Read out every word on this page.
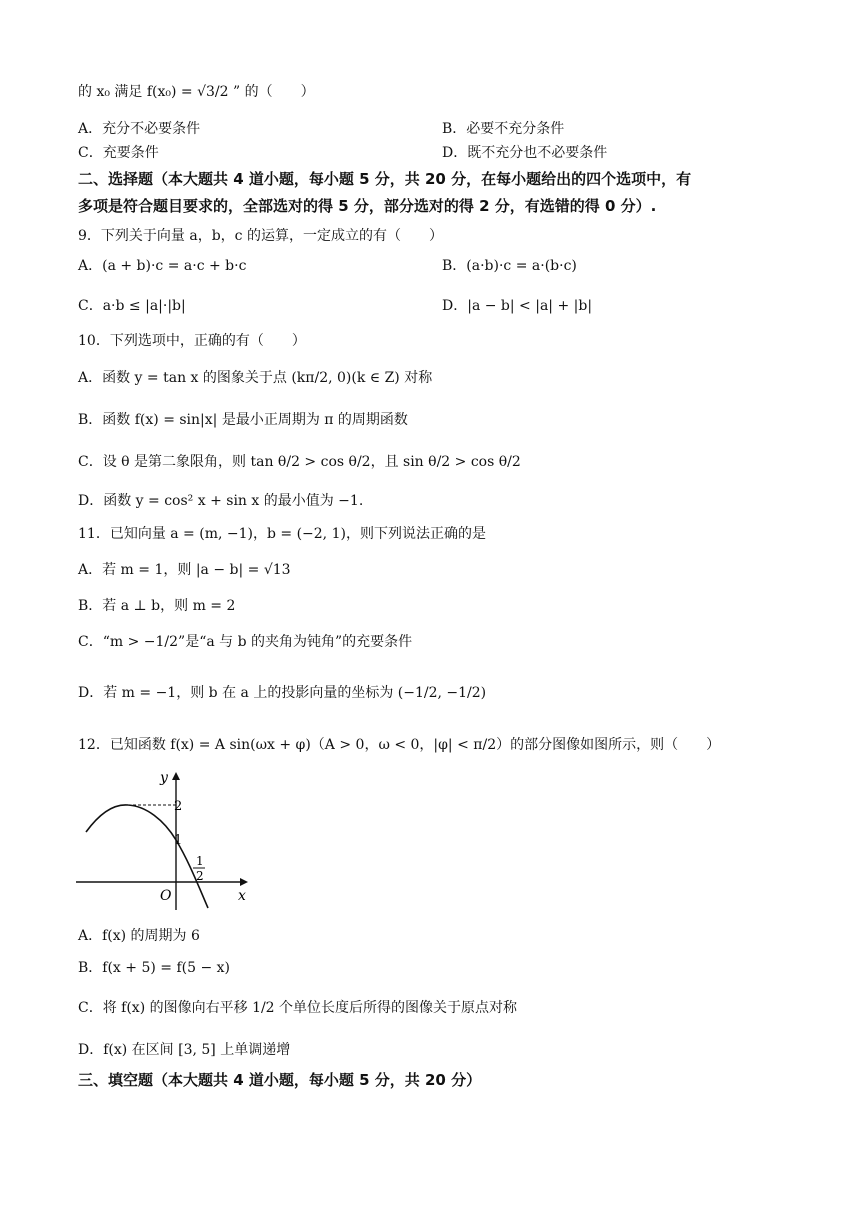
的 x₀ 满足 f(x₀) = √3/2 ” 的（　　）
A．充分不必要条件	B．必要不充分条件
C．充要条件	D．既不充分也不必要条件
二、选择题（本大题共 4 道小题，每小题 5 分，共 20 分，在每小题给出的四个选项中，有
多项是符合题目要求的，全部选对的得 5 分，部分选对的得 2 分，有选错的得 0 分）.
9．下列关于向量 a，b，c 的运算，一定成立的有（　　）
A．(a + b)·c = a·c + b·c	B．(a·b)·c = a·(b·c)
C．a·b ≤ |a|·|b|	D．|a − b| < |a| + |b|
10．下列选项中，正确的有（　　）
A．函数 y = tan x 的图象关于点 (kπ/2, 0)(k ∈ Z) 对称
B．函数 f(x) = sin|x| 是最小正周期为 π 的周期函数
C．设 θ 是第二象限角，则 tan θ/2 > cos θ/2，且 sin θ/2 > cos θ/2
D．函数 y = cos² x + sin x 的最小值为 −1.
11．已知向量 a = (m, −1)，b = (−2, 1)，则下列说法正确的是
A．若 m = 1，则 |a − b| = √13
B．若 a ⊥ b，则 m = 2
C．“m > −1/2”是“a 与 b 的夹角为钝角”的充要条件
D．若 m = −1，则 b 在 a 上的投影向量的坐标为 (−1/2, −1/2)
12．已知函数 f(x) = A sin(ωx + φ)（A > 0，ω < 0，|φ| < π/2）的部分图像如图所示，则（　　）
y
x
O
2
1
1
2
A．f(x) 的周期为 6
B．f(x + 5) = f(5 − x)
C．将 f(x) 的图像向右平移 1/2 个单位长度后所得的图像关于原点对称
D．f(x) 在区间 [3, 5] 上单调递增
三、填空题（本大题共 4 道小题，每小题 5 分，共 20 分）
